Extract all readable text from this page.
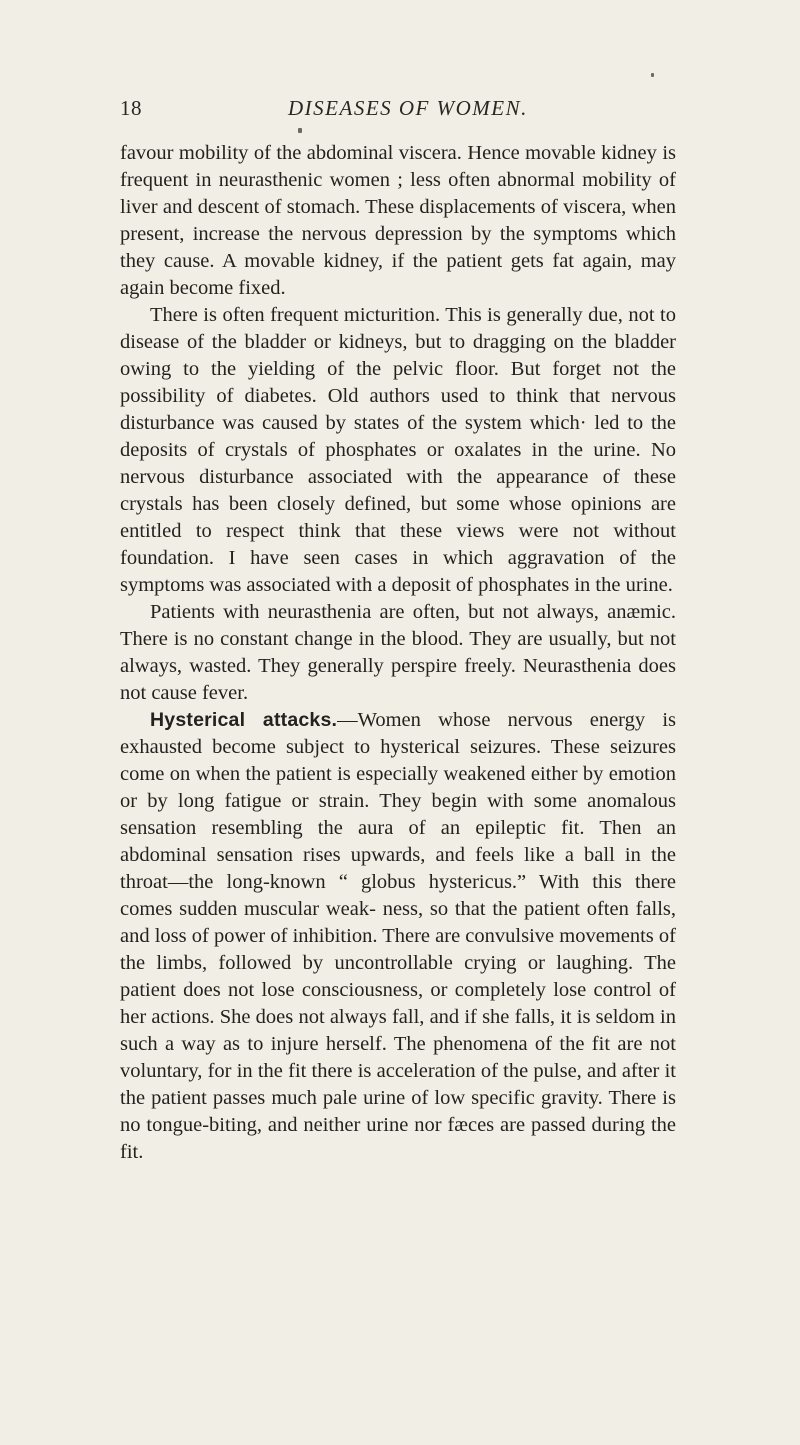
18	DISEASES OF WOMEN.

favour mobility of the abdominal viscera. Hence movable kidney is frequent in neurasthenic women ; less often abnormal mobility of liver and descent of stomach. These displacements of viscera, when present, increase the nervous depression by the symptoms which they cause. A movable kidney, if the patient gets fat again, may again become fixed.

There is often frequent micturition. This is generally due, not to disease of the bladder or kidneys, but to dragging on the bladder owing to the yielding of the pelvic floor. But forget not the possibility of diabetes. Old authors used to think that nervous disturbance was caused by states of the system which· led to the deposits of crystals of phosphates or oxalates in the urine. No nervous disturbance associated with the appearance of these crystals has been closely defined, but some whose opinions are entitled to respect think that these views were not without foundation. I have seen cases in which aggravation of the symptoms was associated with a deposit of phosphates in the urine.

Patients with neurasthenia are often, but not always, anæmic. There is no constant change in the blood. They are usually, but not always, wasted. They generally perspire freely. Neurasthenia does not cause fever.

Hysterical attacks.—Women whose nervous energy is exhausted become subject to hysterical seizures. These seizures come on when the patient is especially weakened either by emotion or by long fatigue or strain. They begin with some anomalous sensation resembling the aura of an epileptic fit. Then an abdominal sensation rises upwards, and feels like a ball in the throat—the long-known “ globus hystericus.” With this there comes sudden muscular weak- ness, so that the patient often falls, and loss of power of inhibition. There are convulsive movements of the limbs, followed by uncontrollable crying or laughing. The patient does not lose consciousness, or completely lose control of her actions. She does not always fall, and if she falls, it is seldom in such a way as to injure herself. The phenomena of the fit are not voluntary, for in the fit there is acceleration of the pulse, and after it the patient passes much pale urine of low specific gravity. There is no tongue-biting, and neither urine nor fæces are passed during the fit.
